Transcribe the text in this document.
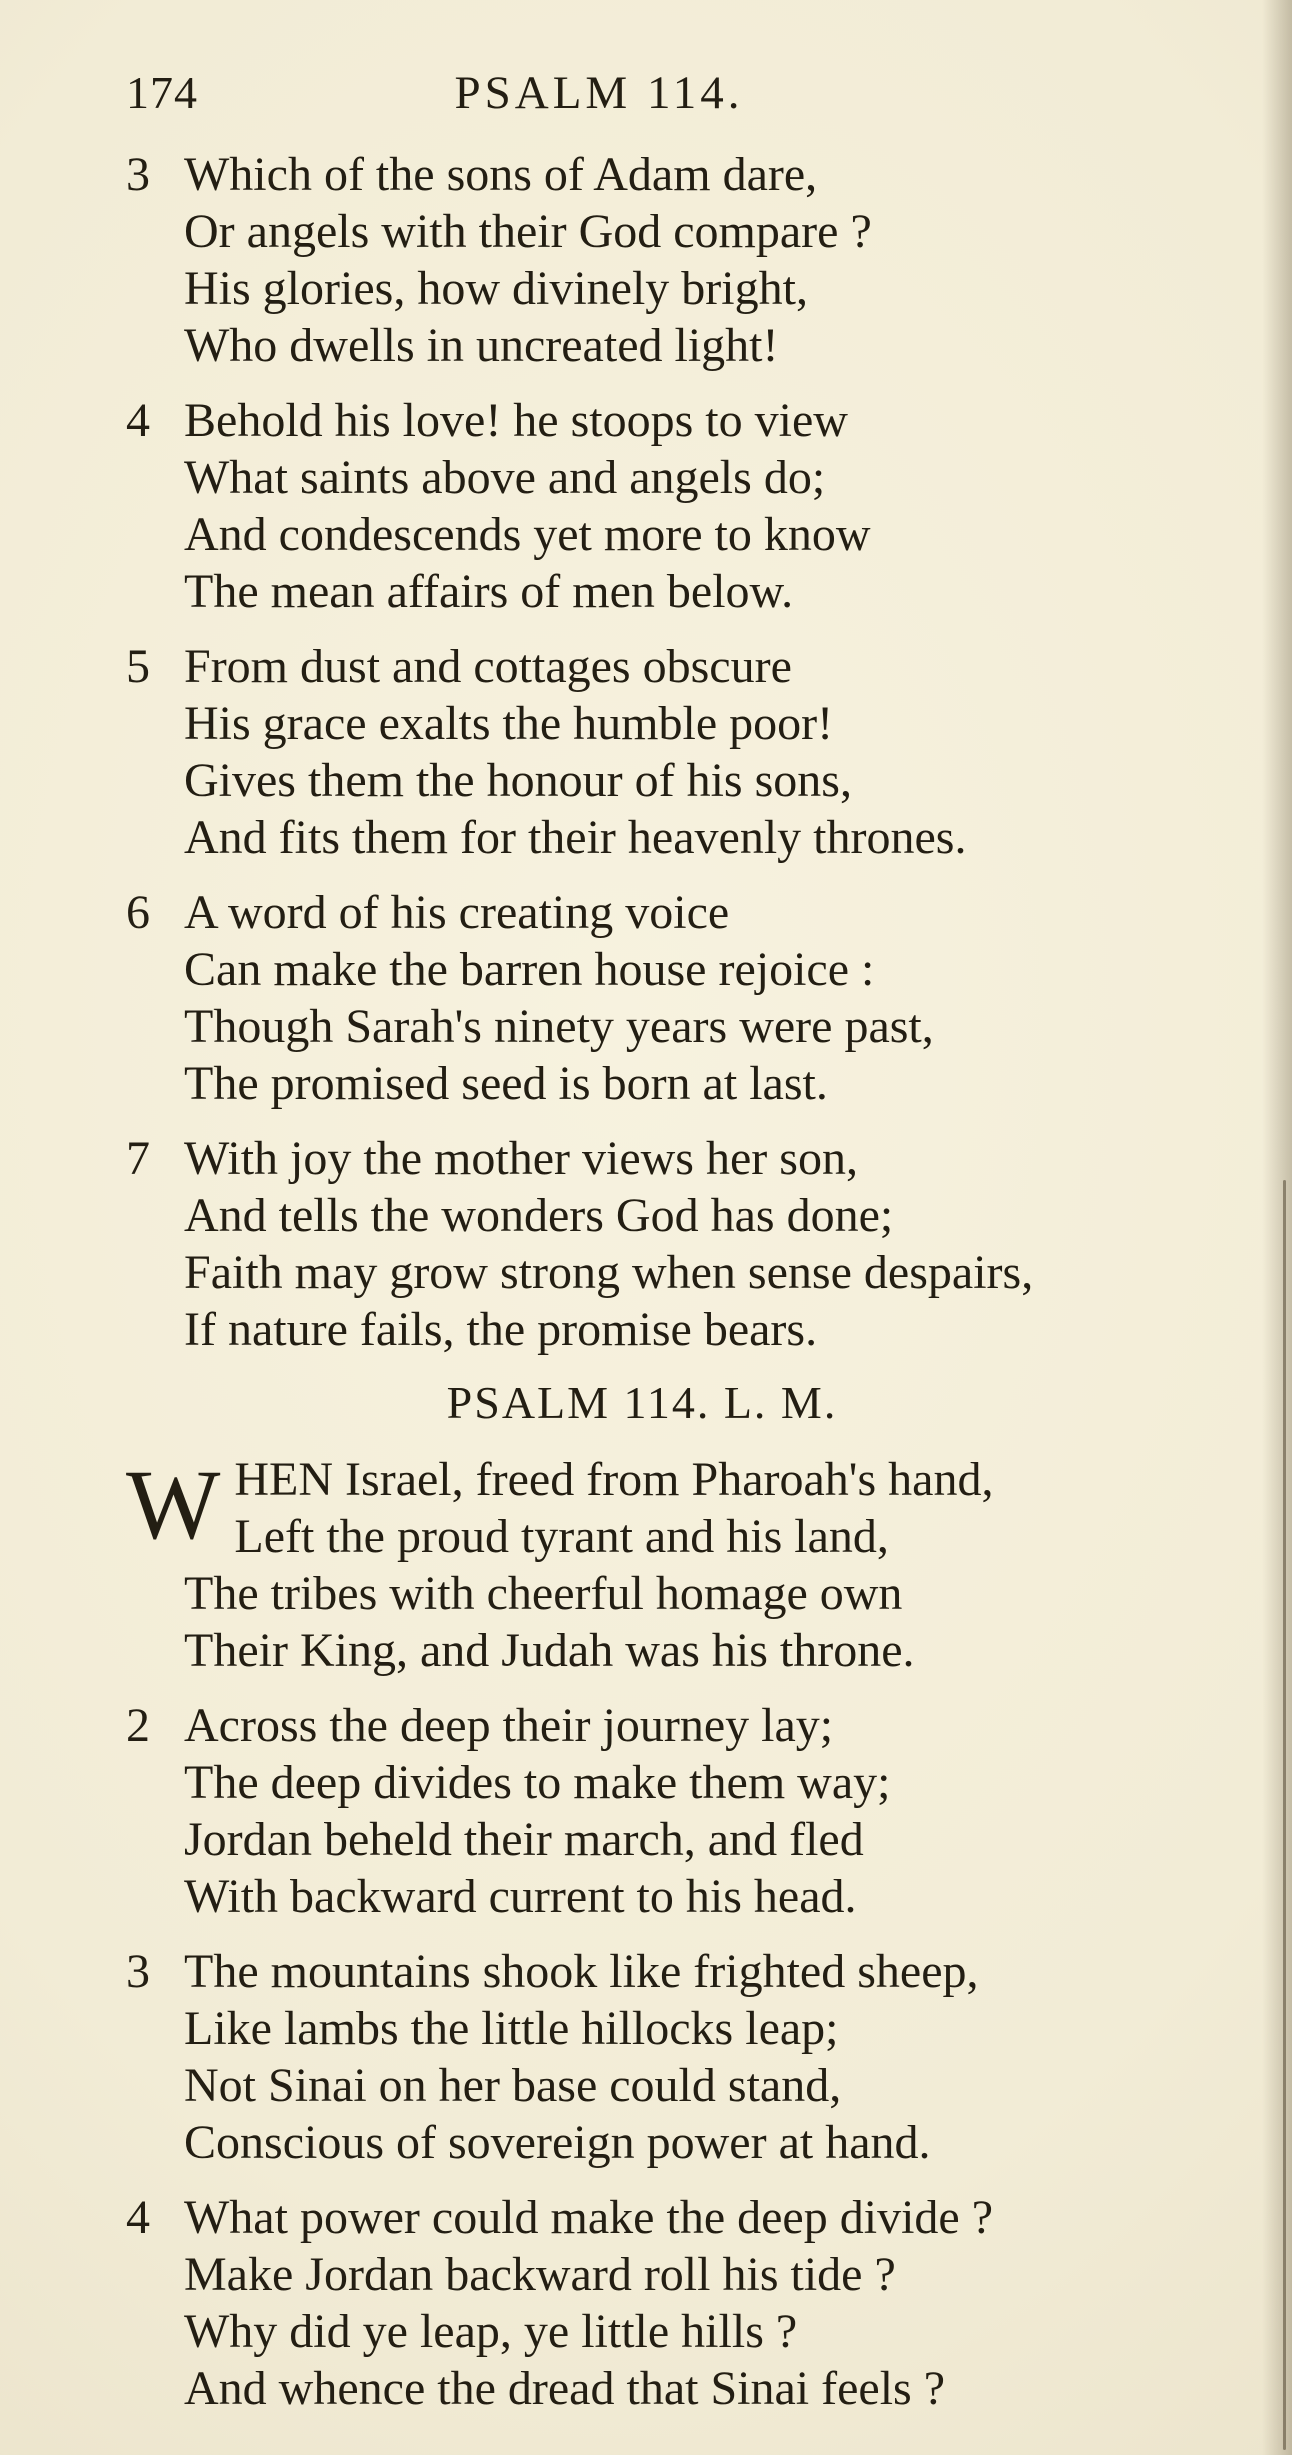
174	PSALM 114.

3 Which of the sons of Adam dare,

Or angels with their God compare ?

His glories, how divinely bright,

Who dwells in uncreated light!

4 Behold his love! he stoops to view

What saints above and angels do;

And condescends yet more to know

The mean affairs of men below.

5 From dust and cottages obscure

His grace exalts the humble poor!

Gives them the honour of his sons,

And fits them for their heavenly thrones.

6 A word of his creating voice

Can make the barren house rejoice :

Though Sarah's ninety years were past,

The promised seed is born at last.

7 With joy the mother views her son,

And tells the wonders God has done;

Faith may grow strong when sense despairs,

If nature fails, the promise bears.

PSALM 114. L. M.
W HEN Israel, freed from Pharoah's hand,

Left the proud tyrant and his land,

The tribes with cheerful homage own

Their King, and Judah was his throne.

2 Across the deep their journey lay;

The deep divides to make them way;

Jordan beheld their march, and fled

With backward current to his head.

3 The mountains shook like frighted sheep,

Like lambs the little hillocks leap;

Not Sinai on her base could stand,

Conscious of sovereign power at hand.

4 What power could make the deep divide ?

Make Jordan backward roll his tide ?

Why did ye leap, ye little hills ?

And whence the dread that Sinai feels ?
